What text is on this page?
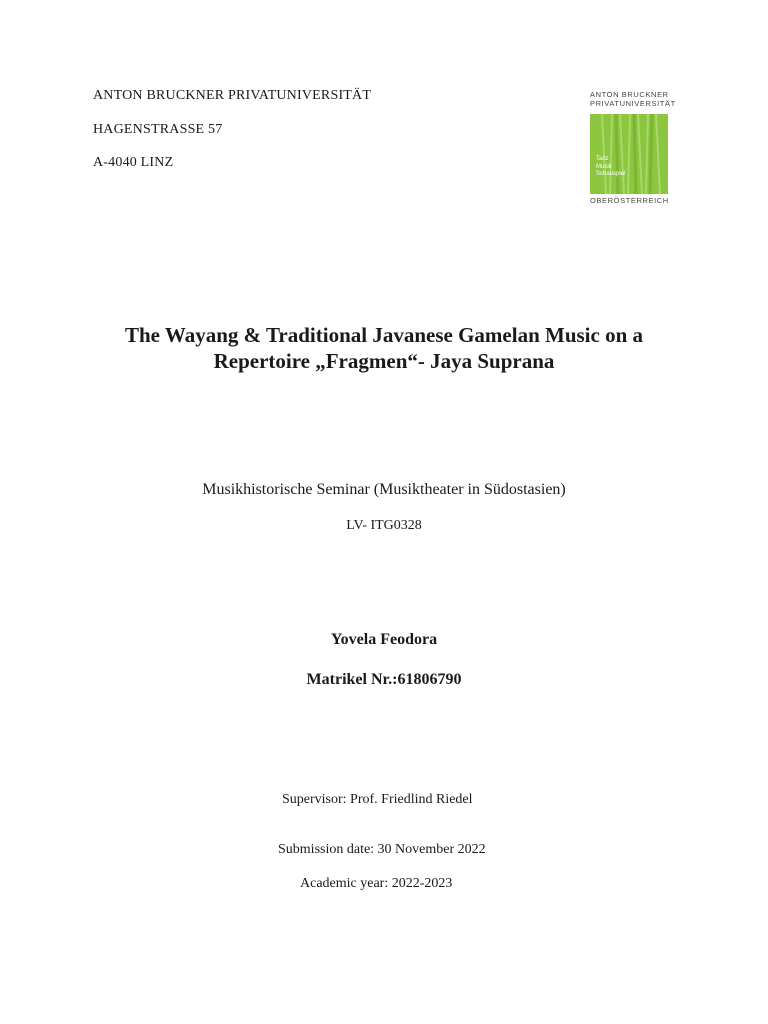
ANTON BRUCKNER PRIVATUNIVERSITÄT
HAGENSTRASSE 57
A-4040 LINZ
ANTON BRUCKNER
PRIVATUNIVERSITÄT
Tanz
Musik
Schauspiel
OBERÖSTERREICH
The Wayang & Traditional Javanese Gamelan Music on a
Repertoire „Fragmen“- Jaya Suprana
Musikhistorische Seminar (Musiktheater in Südostasien)
LV- ITG0328
Yovela Feodora
Matrikel Nr.:61806790
Supervisor: Prof. Friedlind Riedel
Submission date: 30 November 2022
Academic year: 2022-2023
